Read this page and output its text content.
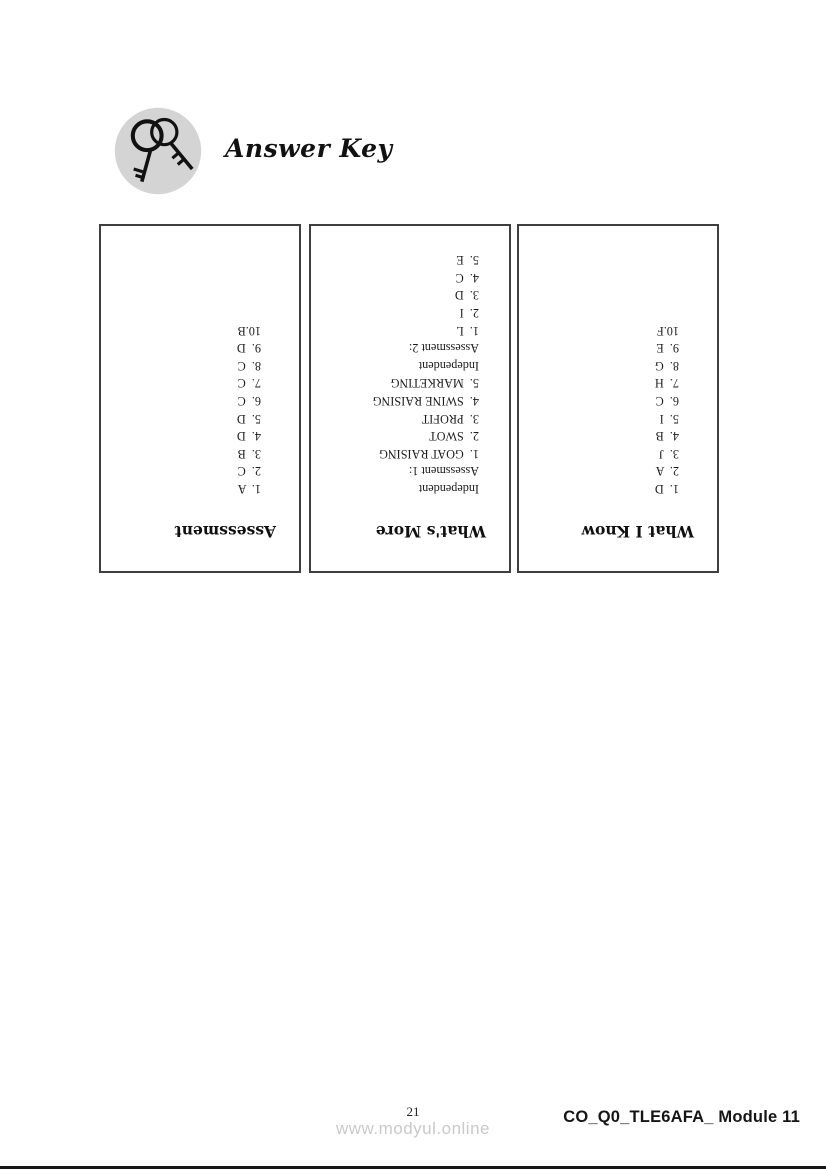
Answer Key
Assessment
1.  A
2.  C
3.  B
4.  D
5.  D
6.  C
7.  C
8.  C
9.  D
10.B
What's More
Independent
Assessment 1:
1.  GOAT RAISING
2.  SWOT
3.  PROFIT
4.  SWINE RAISING
5.  MARKETING
Independent
Assessment 2:
1.  L
2.  I
3.  D
4.  C
5.  E
What I Know
1.  D
2.  A
3.  J
4.  B
5.  I
6.  C
7.  H
8.  G
9.  E
10.F
21
www.modyul.online
CO_Q0_TLE6AFA_ Module 11
